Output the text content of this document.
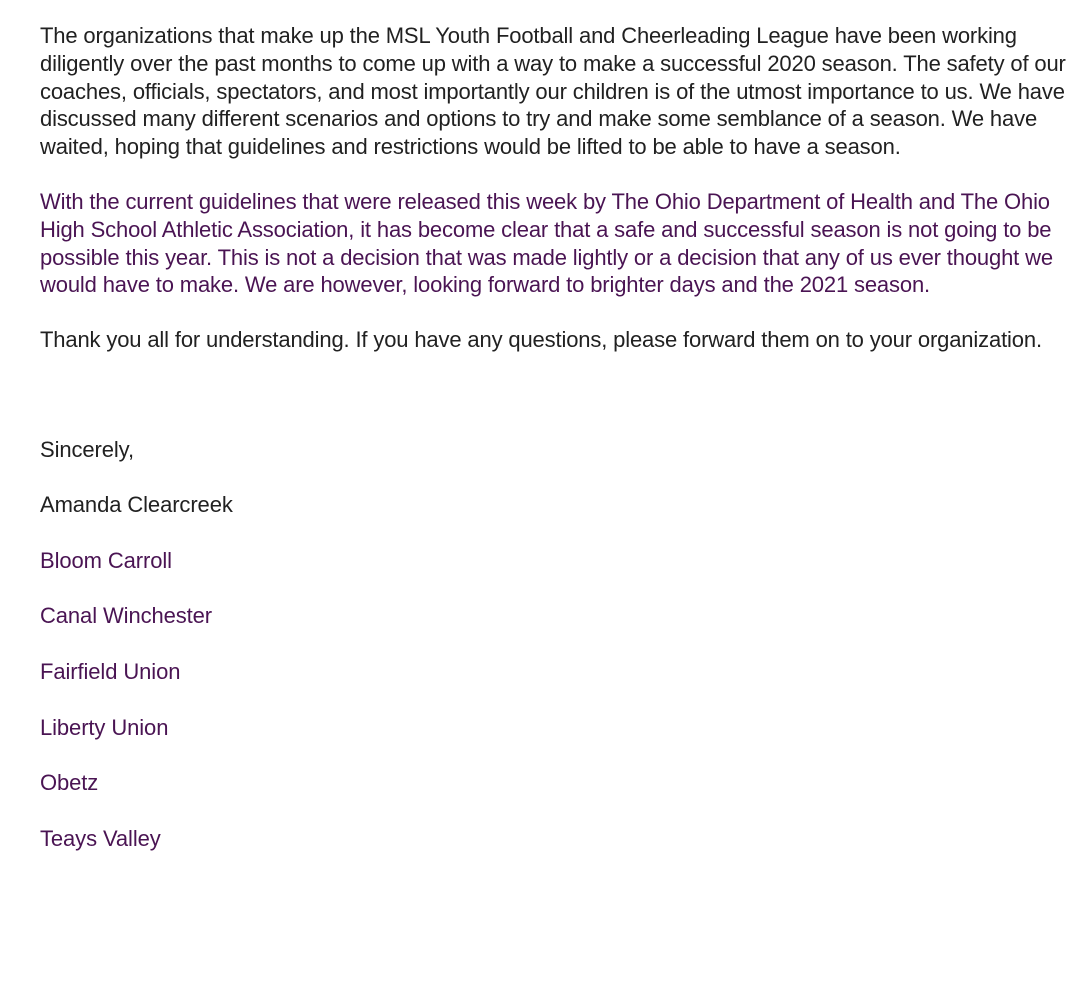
The organizations that make up the MSL Youth Football and Cheerleading League have been working diligently over the past months to come up with a way to make a successful 2020 season. The safety of our coaches, officials, spectators, and most importantly our children is of the utmost importance to us. We have discussed many different scenarios and options to try and make some semblance of a season. We have waited, hoping that guidelines and restrictions would be lifted to be able to have a season.

With the current guidelines that were released this week by The Ohio Department of Health and The Ohio High School Athletic Association, it has become clear that a safe and successful season is not going to be possible this year. This is not a decision that was made lightly or a decision that any of us ever thought we would have to make. We are however, looking forward to brighter days and the 2021 season.

Thank you all for understanding. If you have any questions, please forward them on to your organization.

Sincerely,

Amanda Clearcreek

Bloom Carroll

Canal Winchester

Fairfield Union

Liberty Union

Obetz

Teays Valley
